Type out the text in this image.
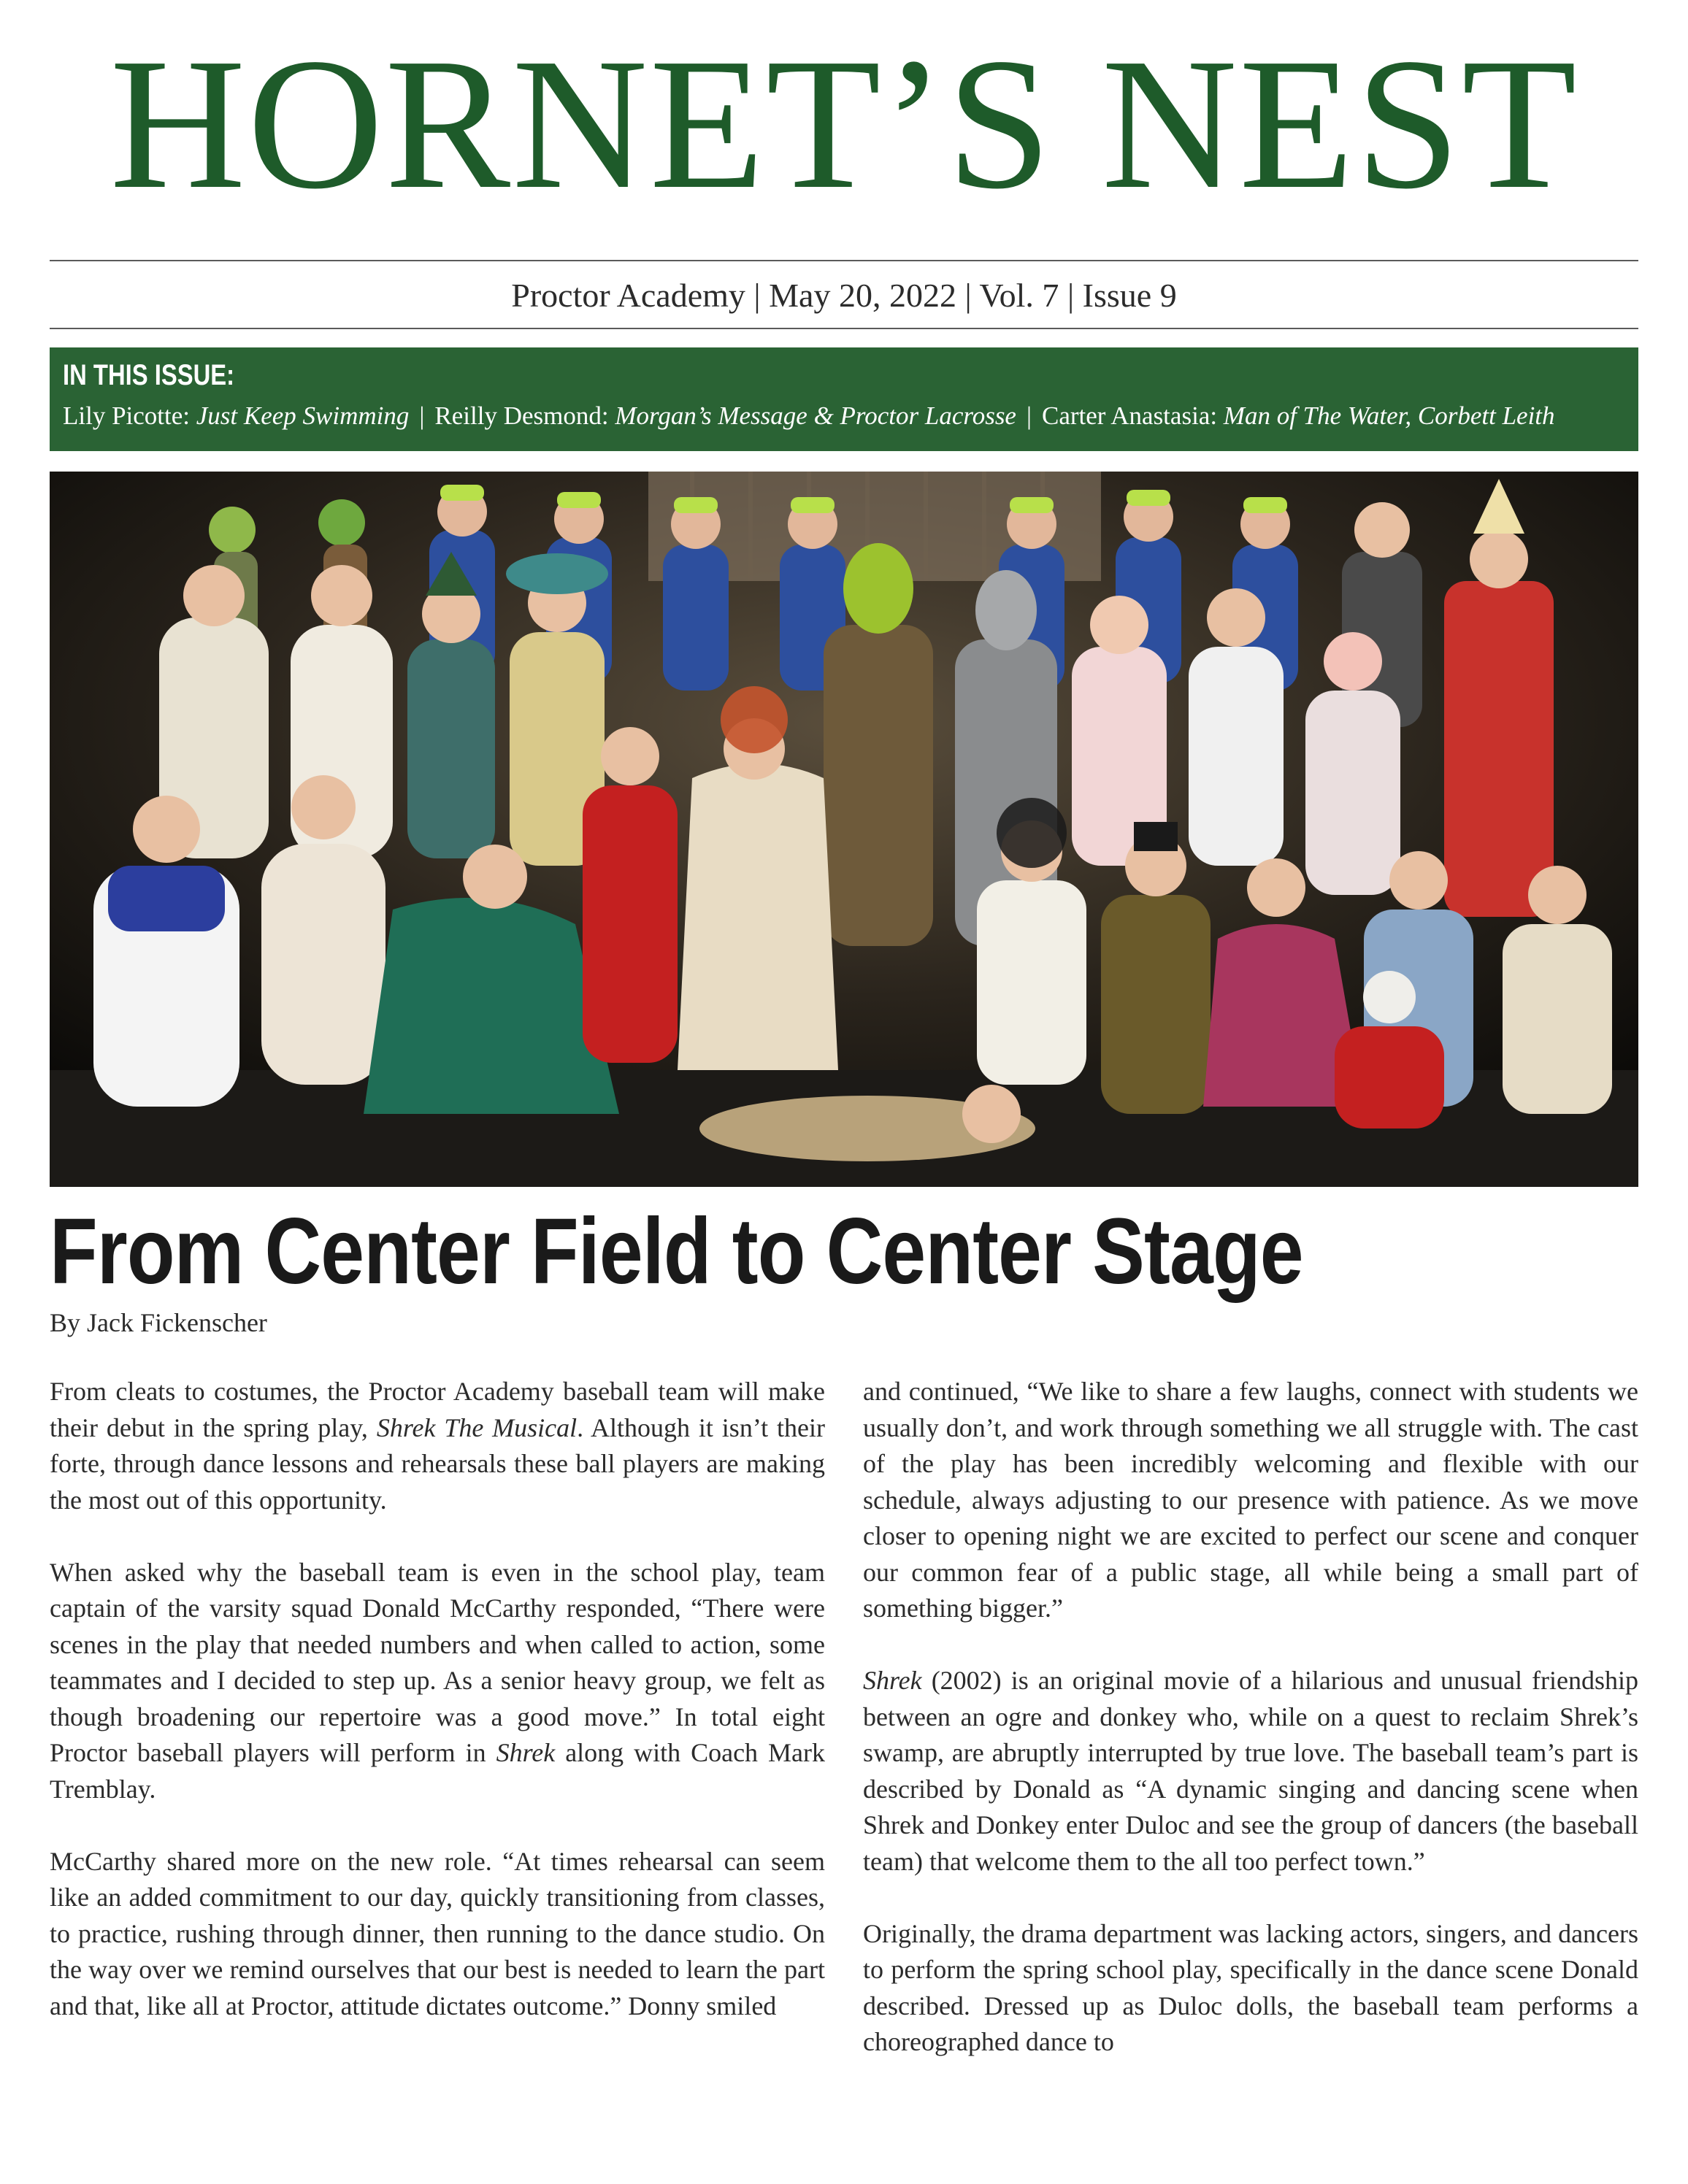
HORNET’S NEST
Proctor Academy | May 20, 2022 | Vol. 7 | Issue 9
IN THIS ISSUE:
Lily Picotte: Just Keep Swimming | Reilly Desmond: Morgan’s Message & Proctor Lacrosse | Carter Anastasia: Man of The Water, Corbett Leith
From Center Field to Center Stage
By Jack Fickenscher

From cleats to costumes, the Proctor Academy baseball team will make their debut in the spring play, Shrek The Musical. Although it isn’t their forte, through dance lessons and rehearsals these ball players are making the most out of this opportunity.

When asked why the baseball team is even in the school play, team captain of the varsity squad Donald McCarthy responded, “There were scenes in the play that needed numbers and when called to action, some teammates and I decided to step up. As a senior heavy group, we felt as though broadening our repertoire was a good move.” In total eight Proctor baseball players will perform in Shrek along with Coach Mark Tremblay.

McCarthy shared more on the new role. “At times rehearsal can seem like an added commitment to our day, quickly transitioning from classes, to practice, rushing through dinner, then running to the dance studio. On the way over we remind ourselves that our best is needed to learn the part and that, like all at Proctor, attitude dictates outcome.” Donny smiled

and continued, “We like to share a few laughs, connect with students we usually don’t, and work through something we all struggle with. The cast of the play has been incredibly welcoming and flexible with our schedule, always adjusting to our presence with patience. As we move closer to opening night we are excited to perfect our scene and conquer our common fear of a public stage, all while being a small part of something bigger.”

Shrek (2002) is an original movie of a hilarious and unusual friendship between an ogre and donkey who, while on a quest to reclaim Shrek’s swamp, are abruptly interrupted by true love. The baseball team’s part is described by Donald as “A dynamic singing and dancing scene when Shrek and Donkey enter Duloc and see the group of dancers (the baseball team) that welcome them to the all too perfect town.”

Originally, the drama department was lacking actors, singers, and dancers to perform the spring school play, specifically in the dance scene Donald described. Dressed up as Duloc dolls, the baseball team performs a choreographed dance to
